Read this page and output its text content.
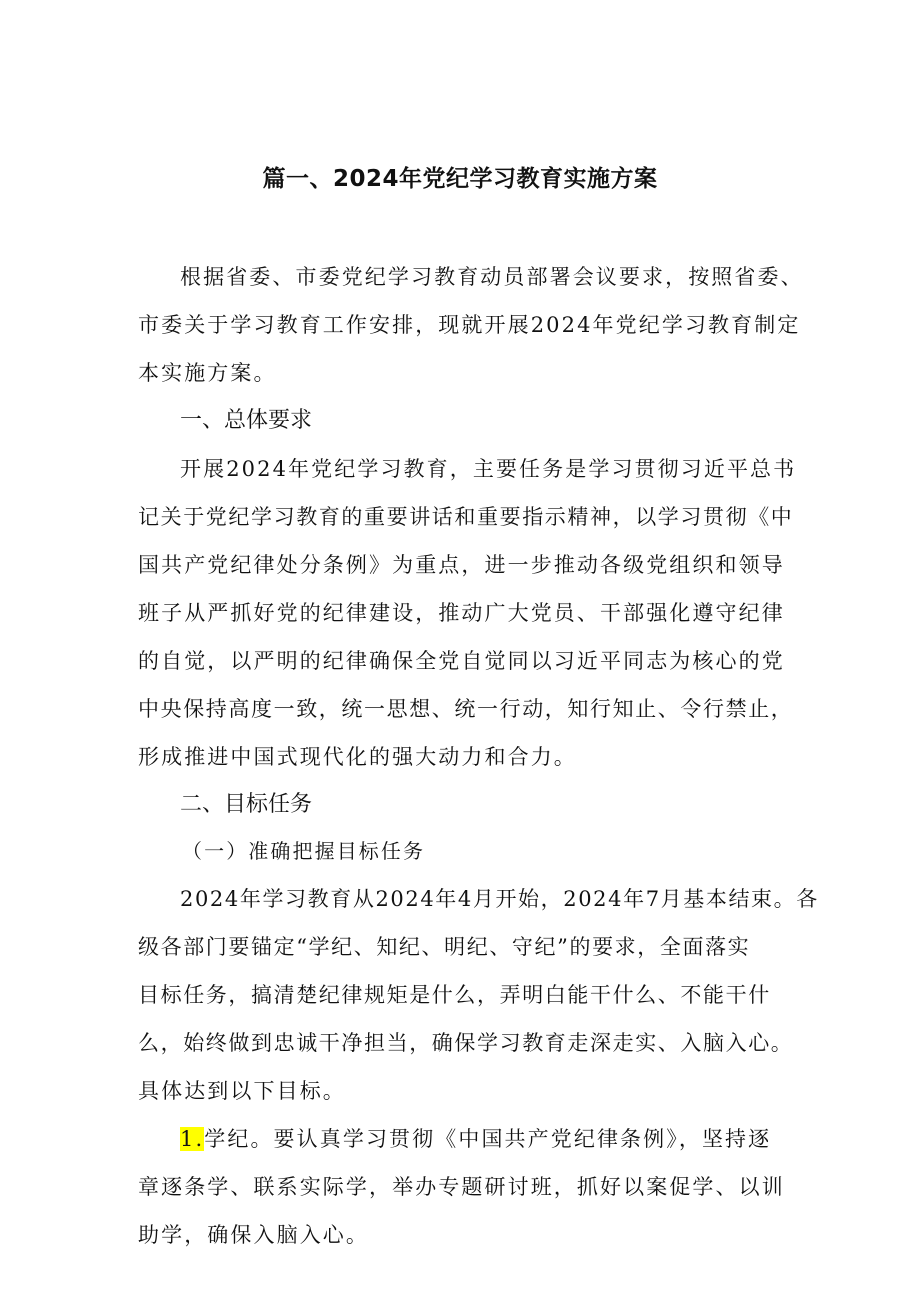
篇一、2024年党纪学习教育实施方案

根据省委、市委党纪学习教育动员部署会议要求，按照省委、

市委关于学习教育工作安排，现就开展2024年党纪学习教育制定

本实施方案。

一、总体要求

开展2024年党纪学习教育，主要任务是学习贯彻习近平总书

记关于党纪学习教育的重要讲话和重要指示精神，以学习贯彻《中

国共产党纪律处分条例》为重点，进一步推动各级党组织和领导

班子从严抓好党的纪律建设，推动广大党员、干部强化遵守纪律

的自觉，以严明的纪律确保全党自觉同以习近平同志为核心的党

中央保持高度一致，统一思想、统一行动，知行知止、令行禁止，

形成推进中国式现代化的强大动力和合力。

二、目标任务

（一）准确把握目标任务

2024年学习教育从2024年4月开始，2024年7月基本结束。各

级各部门要锚定“学纪、知纪、明纪、守纪”的要求，全面落实

目标任务，搞清楚纪律规矩是什么，弄明白能干什么、不能干什

么，始终做到忠诚干净担当，确保学习教育走深走实、入脑入心。

具体达到以下目标。

1.学纪。要认真学习贯彻《中国共产党纪律条例》，坚持逐

章逐条学、联系实际学，举办专题研讨班，抓好以案促学、以训

助学，确保入脑入心。
